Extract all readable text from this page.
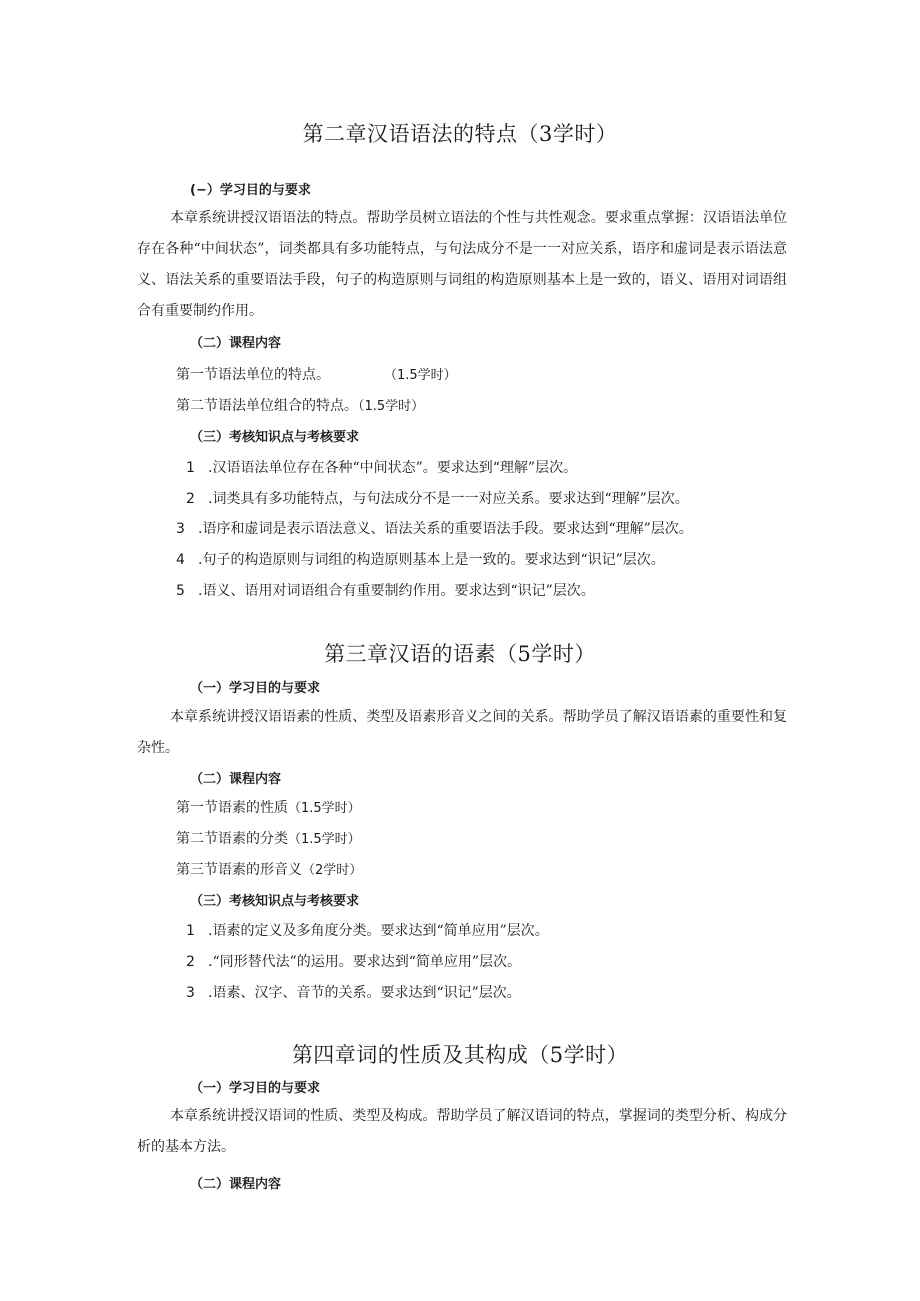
第二章汉语语法的特点（3学时）
(−）学习目的与要求

本章系统讲授汉语语法的特点。帮助学员树立语法的个性与共性观念。要求重点掌握：汉语语法单位存在各种“中间状态”，词类都具有多功能特点，与句法成分不是一一对应关系，语序和虚词是表示语法意义、语法关系的重要语法手段，句子的构造原则与词组的构造原则基本上是一致的，语义、语用对词语组合有重要制约作用。

（二）课程内容
第一节语法单位的特点。	（1.5学时）
第二节语法单位组合的特点。（1.5学时）
（三）考核知识点与考核要求
1 .汉语语法单位存在各种“中间状态”。要求达到“理解”层次。
2 .词类具有多功能特点，与句法成分不是一一对应关系。要求达到“理解”层次。
3 .语序和虚词是表示语法意义、语法关系的重要语法手段。要求达到“理解”层次。
4 .句子的构造原则与词组的构造原则基本上是一致的。要求达到“识记”层次。
5 .语义、语用对词语组合有重要制约作用。要求达到“识记”层次。
第三章汉语的语素（5学时）
（一）学习目的与要求

本章系统讲授汉语语素的性质、类型及语素形音义之间的关系。帮助学员了解汉语语素的重要性和复杂性。

（二）课程内容
第一节语素的性质（1.5学时）
第二节语素的分类（1.5学时）
第三节语素的形音义（2学时）
（三）考核知识点与考核要求
1 .语素的定义及多角度分类。要求达到“简单应用”层次。
2 .“同形替代法”的运用。要求达到“简单应用”层次。
3 .语素、汉字、音节的关系。要求达到“识记”层次。
第四章词的性质及其构成（5学时）
（一）学习目的与要求

本章系统讲授汉语词的性质、类型及构成。帮助学员了解汉语词的特点，掌握词的类型分析、构成分析的基本方法。

（二）课程内容
